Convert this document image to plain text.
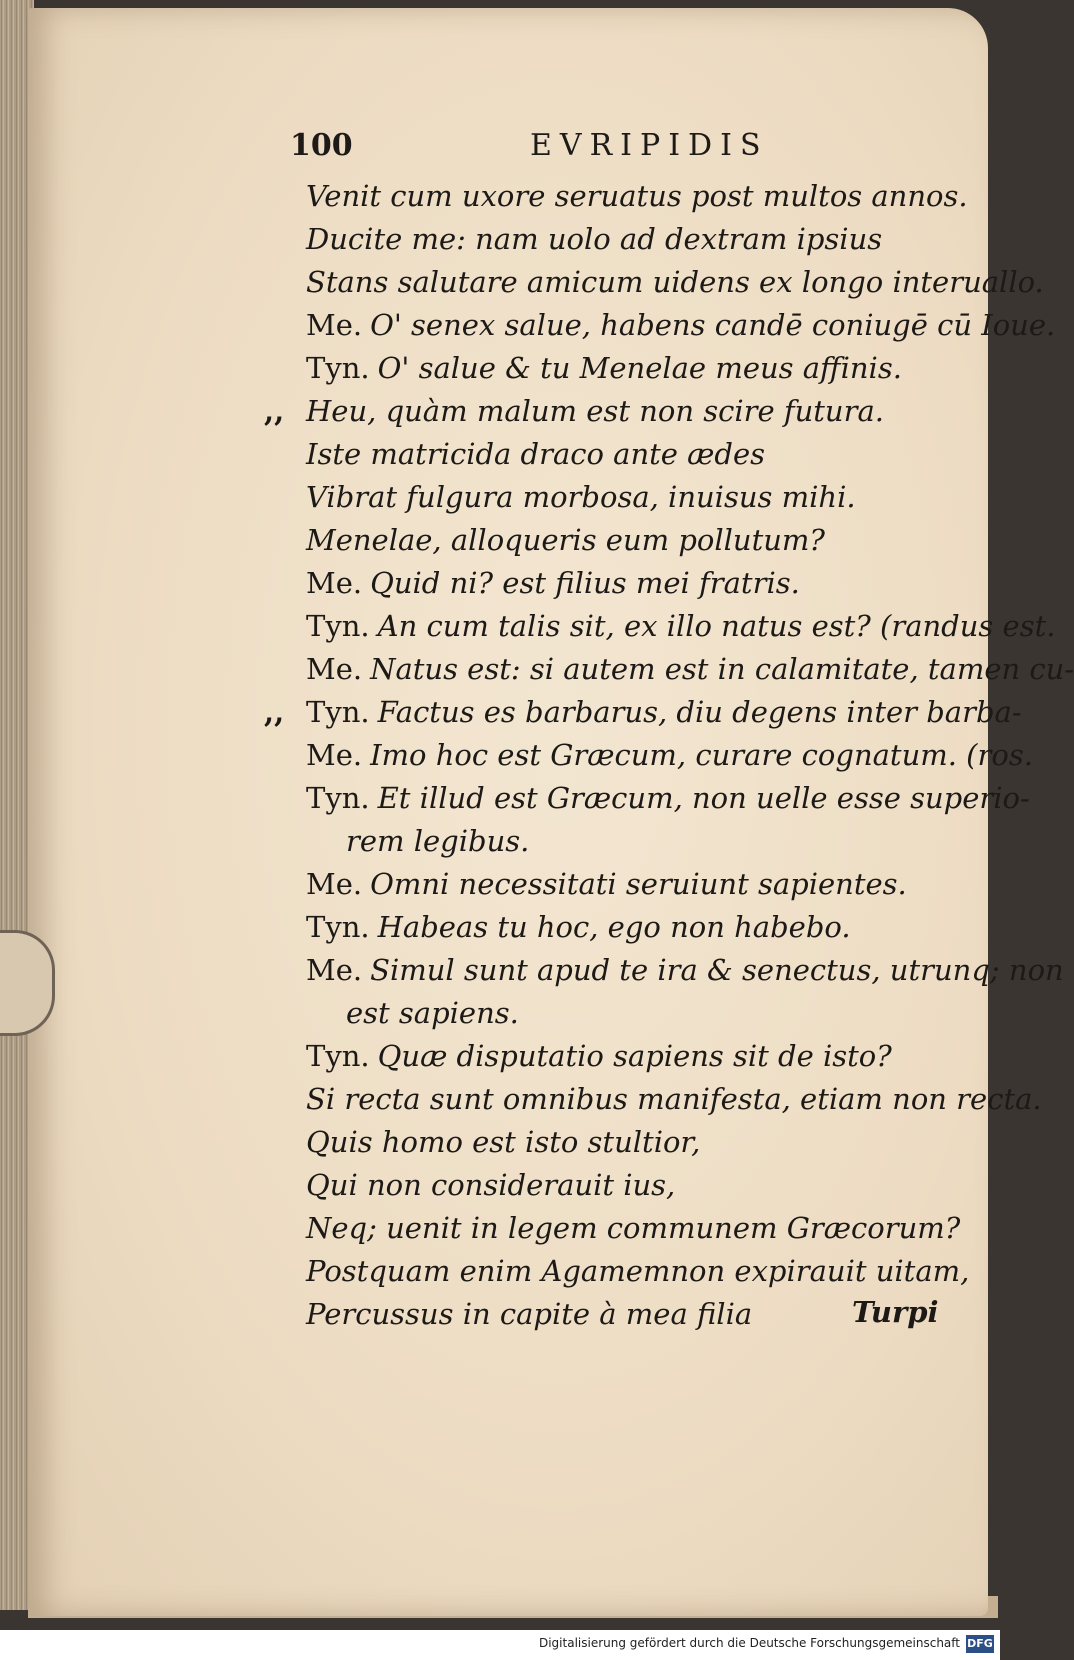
100	EVRIPIDIS
Venit cum uxore seruatus post multos annos.
Ducite me: nam uolo ad dextram ipsius
Stans salutare amicum uidens ex longo interuallo.
Me. O' senex salue, habens candē coniugē cū Ioue.
Tyn. O' salue & tu Menelae meus affinis.
,, Heu, quàm malum est non scire futura.
Iste matricida draco ante ædes
Vibrat fulgura morbosa, inuisus mihi.
Menelae, alloqueris eum pollutum?
Me. Quid ni? est filius mei fratris.
Tyn. An cum talis sit, ex illo natus est? (randus est.
Me. Natus est: si autem est in calamitate, tamen cu-
,, Tyn. Factus es barbarus, diu degens inter barba-
Me. Imo hoc est Græcum, curare cognatum. (ros.
Tyn. Et illud est Græcum, non uelle esse superio-
rem legibus.
Me. Omni necessitati seruiunt sapientes.
Tyn. Habeas tu hoc, ego non habebo.
Me. Simul sunt apud te ira & senectus, utrunq; non
est sapiens.
Tyn. Quæ disputatio sapiens sit de isto?
Si recta sunt omnibus manifesta, etiam non recta.
Quis homo est isto stultior,
Qui non considerauit ius,
Neq; uenit in legem communem Græcorum?
Postquam enim Agamemnon expirauit uitam,
Percussus in capite à mea filia	Turpi
Digitalisierung gefördert durch die Deutsche Forschungsgemeinschaft DFG
